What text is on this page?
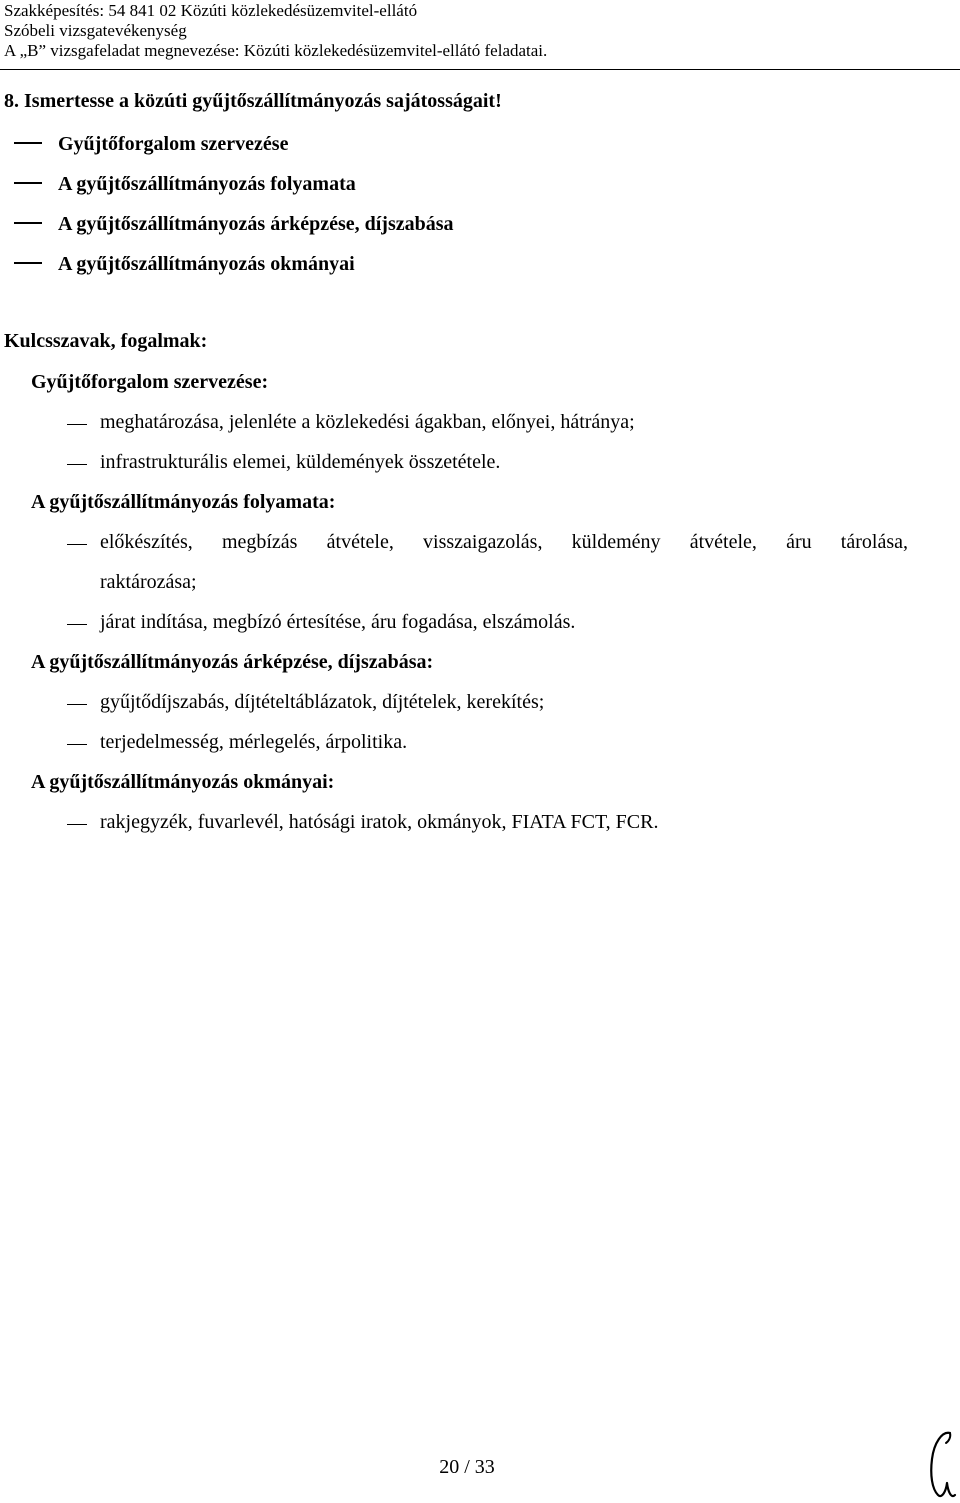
Szakképesítés: 54 841 02 Közúti közlekedésüzemvitel-ellátó
Szóbeli vizsgatevékenység
A „B” vizsgafeladat megnevezése: Közúti közlekedésüzemvitel-ellátó feladatai.
8. Ismertesse a közúti gyűjtőszállítmányozás sajátosságait!
Gyűjtőforgalom szervezése
A gyűjtőszállítmányozás folyamata
A gyűjtőszállítmányozás árképzése, díjszabása
A gyűjtőszállítmányozás okmányai
Kulcsszavak, fogalmak:
Gyűjtőforgalom szervezése:
meghatározása, jelenléte a közlekedési ágakban, előnyei, hátránya;
infrastrukturális elemei, küldemények összetétele.
A gyűjtőszállítmányozás folyamata:
előkészítés, megbízás átvétele, visszaigazolás, küldemény átvétele, áru tárolása,
raktározása;
járat indítása, megbízó értesítése, áru fogadása, elszámolás.
A gyűjtőszállítmányozás árképzése, díjszabása:
gyűjtődíjszabás, díjtételtáblázatok, díjtételek, kerekítés;
terjedelmesség, mérlegelés, árpolitika.
A gyűjtőszállítmányozás okmányai:
rakjegyzék, fuvarlevél, hatósági iratok, okmányok, FIATA FCT, FCR.
20 / 33
